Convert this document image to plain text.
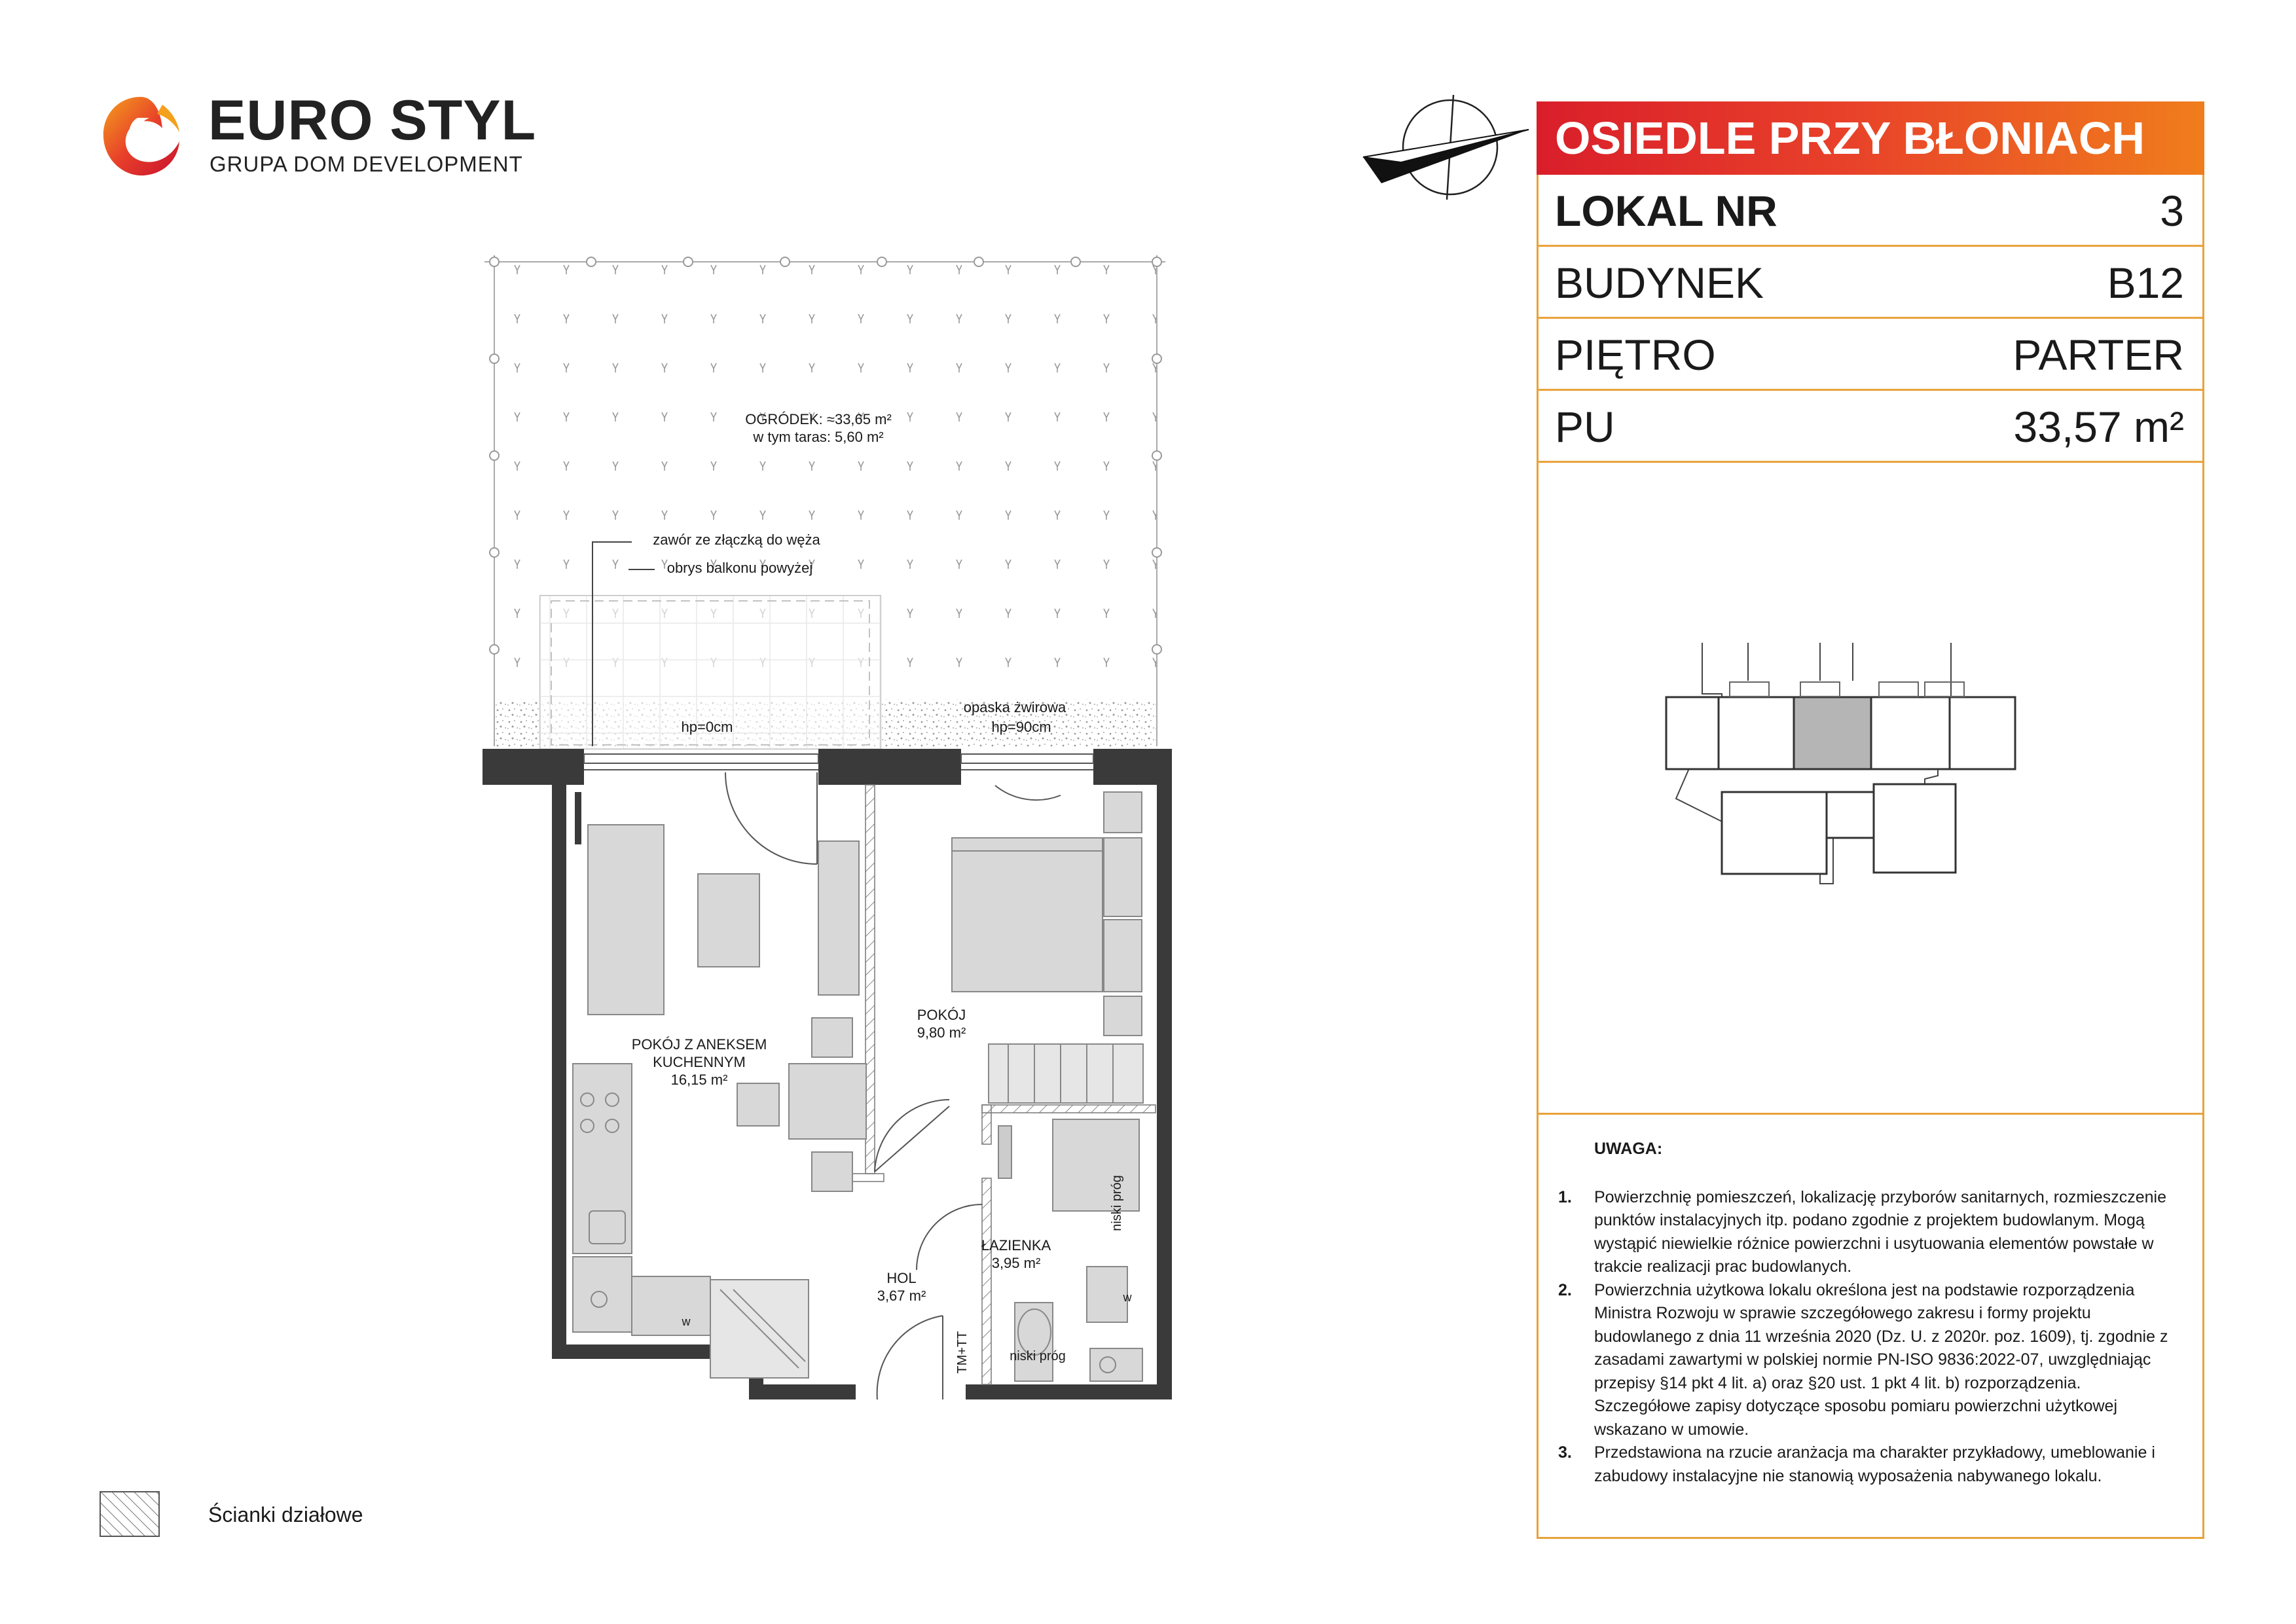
EURO STYL
GRUPA DOM DEVELOPMENT
OGRÓDEK: ≈33,65 m²
w tym taras: 5,60 m²
zawór ze złączką do węża
obrys balkonu powyżej
opaska żwirowa
hp=0cm	hp=90cm
POKÓJ Z ANEKSEM
KUCHENNYM
16,15 m²
POKÓJ
9,80 m²
ŁAZIENKA
3,95 m²
HOL
3,67 m²
niski próg
niski próg
TM+TT
w
w
OSIEDLE PRZY BŁONIACH
LOKAL NR	3
BUDYNEK	B12
PIĘTRO	PARTER
PU	33,57 m²
UWAGA:
1. Powierzchnię pomieszczeń, lokalizację przyborów sanitarnych, rozmieszczenie punktów instalacyjnych itp. podano zgodnie z projektem budowlanym. Mogą wystąpić niewielkie różnice powierzchni i usytuowania elementów powstałe w trakcie realizacji prac budowlanych.
2. Powierzchnia użytkowa lokalu określona jest na podstawie rozporządzenia Ministra Rozwoju w sprawie szczegółowego zakresu i formy projektu budowlanego z dnia 11 września 2020 (Dz. U. z 2020r. poz. 1609), tj. zgodnie z zasadami zawartymi w polskiej normie PN-ISO 9836:2022-07, uwzględniając przepisy §14 pkt 4 lit. a) oraz §20 ust. 1 pkt 4 lit. b) rozporządzenia. Szczegółowe zapisy dotyczące sposobu pomiaru powierzchni użytkowej wskazano w umowie.
3. Przedstawiona na rzucie aranżacja ma charakter przykładowy, umeblowanie i zabudowy instalacyjne nie stanowią wyposażenia nabywanego lokalu.
Ścianki działowe
